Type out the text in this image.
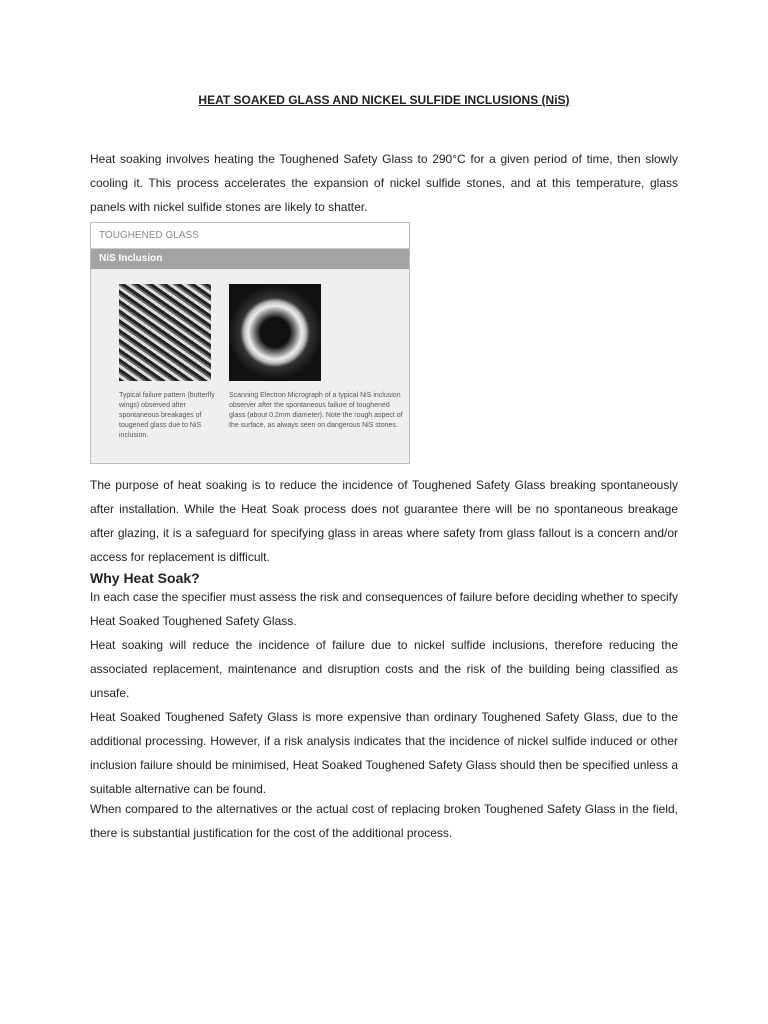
HEAT SOAKED GLASS AND NICKEL SULFIDE INCLUSIONS (NiS)
Heat soaking involves heating the Toughened Safety Glass to 290°C for a given period of time, then slowly cooling it. This process accelerates the expansion of nickel sulfide stones, and at this temperature, glass panels with nickel sulfide stones are likely to shatter.
TOUGHENED GLASS
NiS Inclusion
Typical failure pattern (butterfly wings) observed after spontaneous breakages of tougened glass due to NiS inclusion.
Scanning Electron Micrograph of a typical NiS inclusion observer after the spontaneous failure of toughened glass (about 0.2mm diameter). Note the rough aspect of the surface, as always seen on dangerous NiS stones.
The purpose of heat soaking is to reduce the incidence of Toughened Safety Glass breaking spontaneously after installation. While the Heat Soak process does not guarantee there will be no spontaneous breakage after glazing, it is a safeguard for specifying glass in areas where safety from glass fallout is a concern and/or access for replacement is difficult.
Why Heat Soak?
In each case the specifier must assess the risk and consequences of failure before deciding whether to specify Heat Soaked Toughened Safety Glass.
Heat soaking will reduce the incidence of failure due to nickel sulfide inclusions, therefore reducing the associated replacement, maintenance and disruption costs and the risk of the building being classified as unsafe.
Heat Soaked Toughened Safety Glass is more expensive than ordinary Toughened Safety Glass, due to the additional processing. However, if a risk analysis indicates that the incidence of nickel sulfide induced or other inclusion failure should be minimised, Heat Soaked Toughened Safety Glass should then be specified unless a suitable alternative can be found.
When compared to the alternatives or the actual cost of replacing broken Toughened Safety Glass in the field, there is substantial justification for the cost of the additional process.
